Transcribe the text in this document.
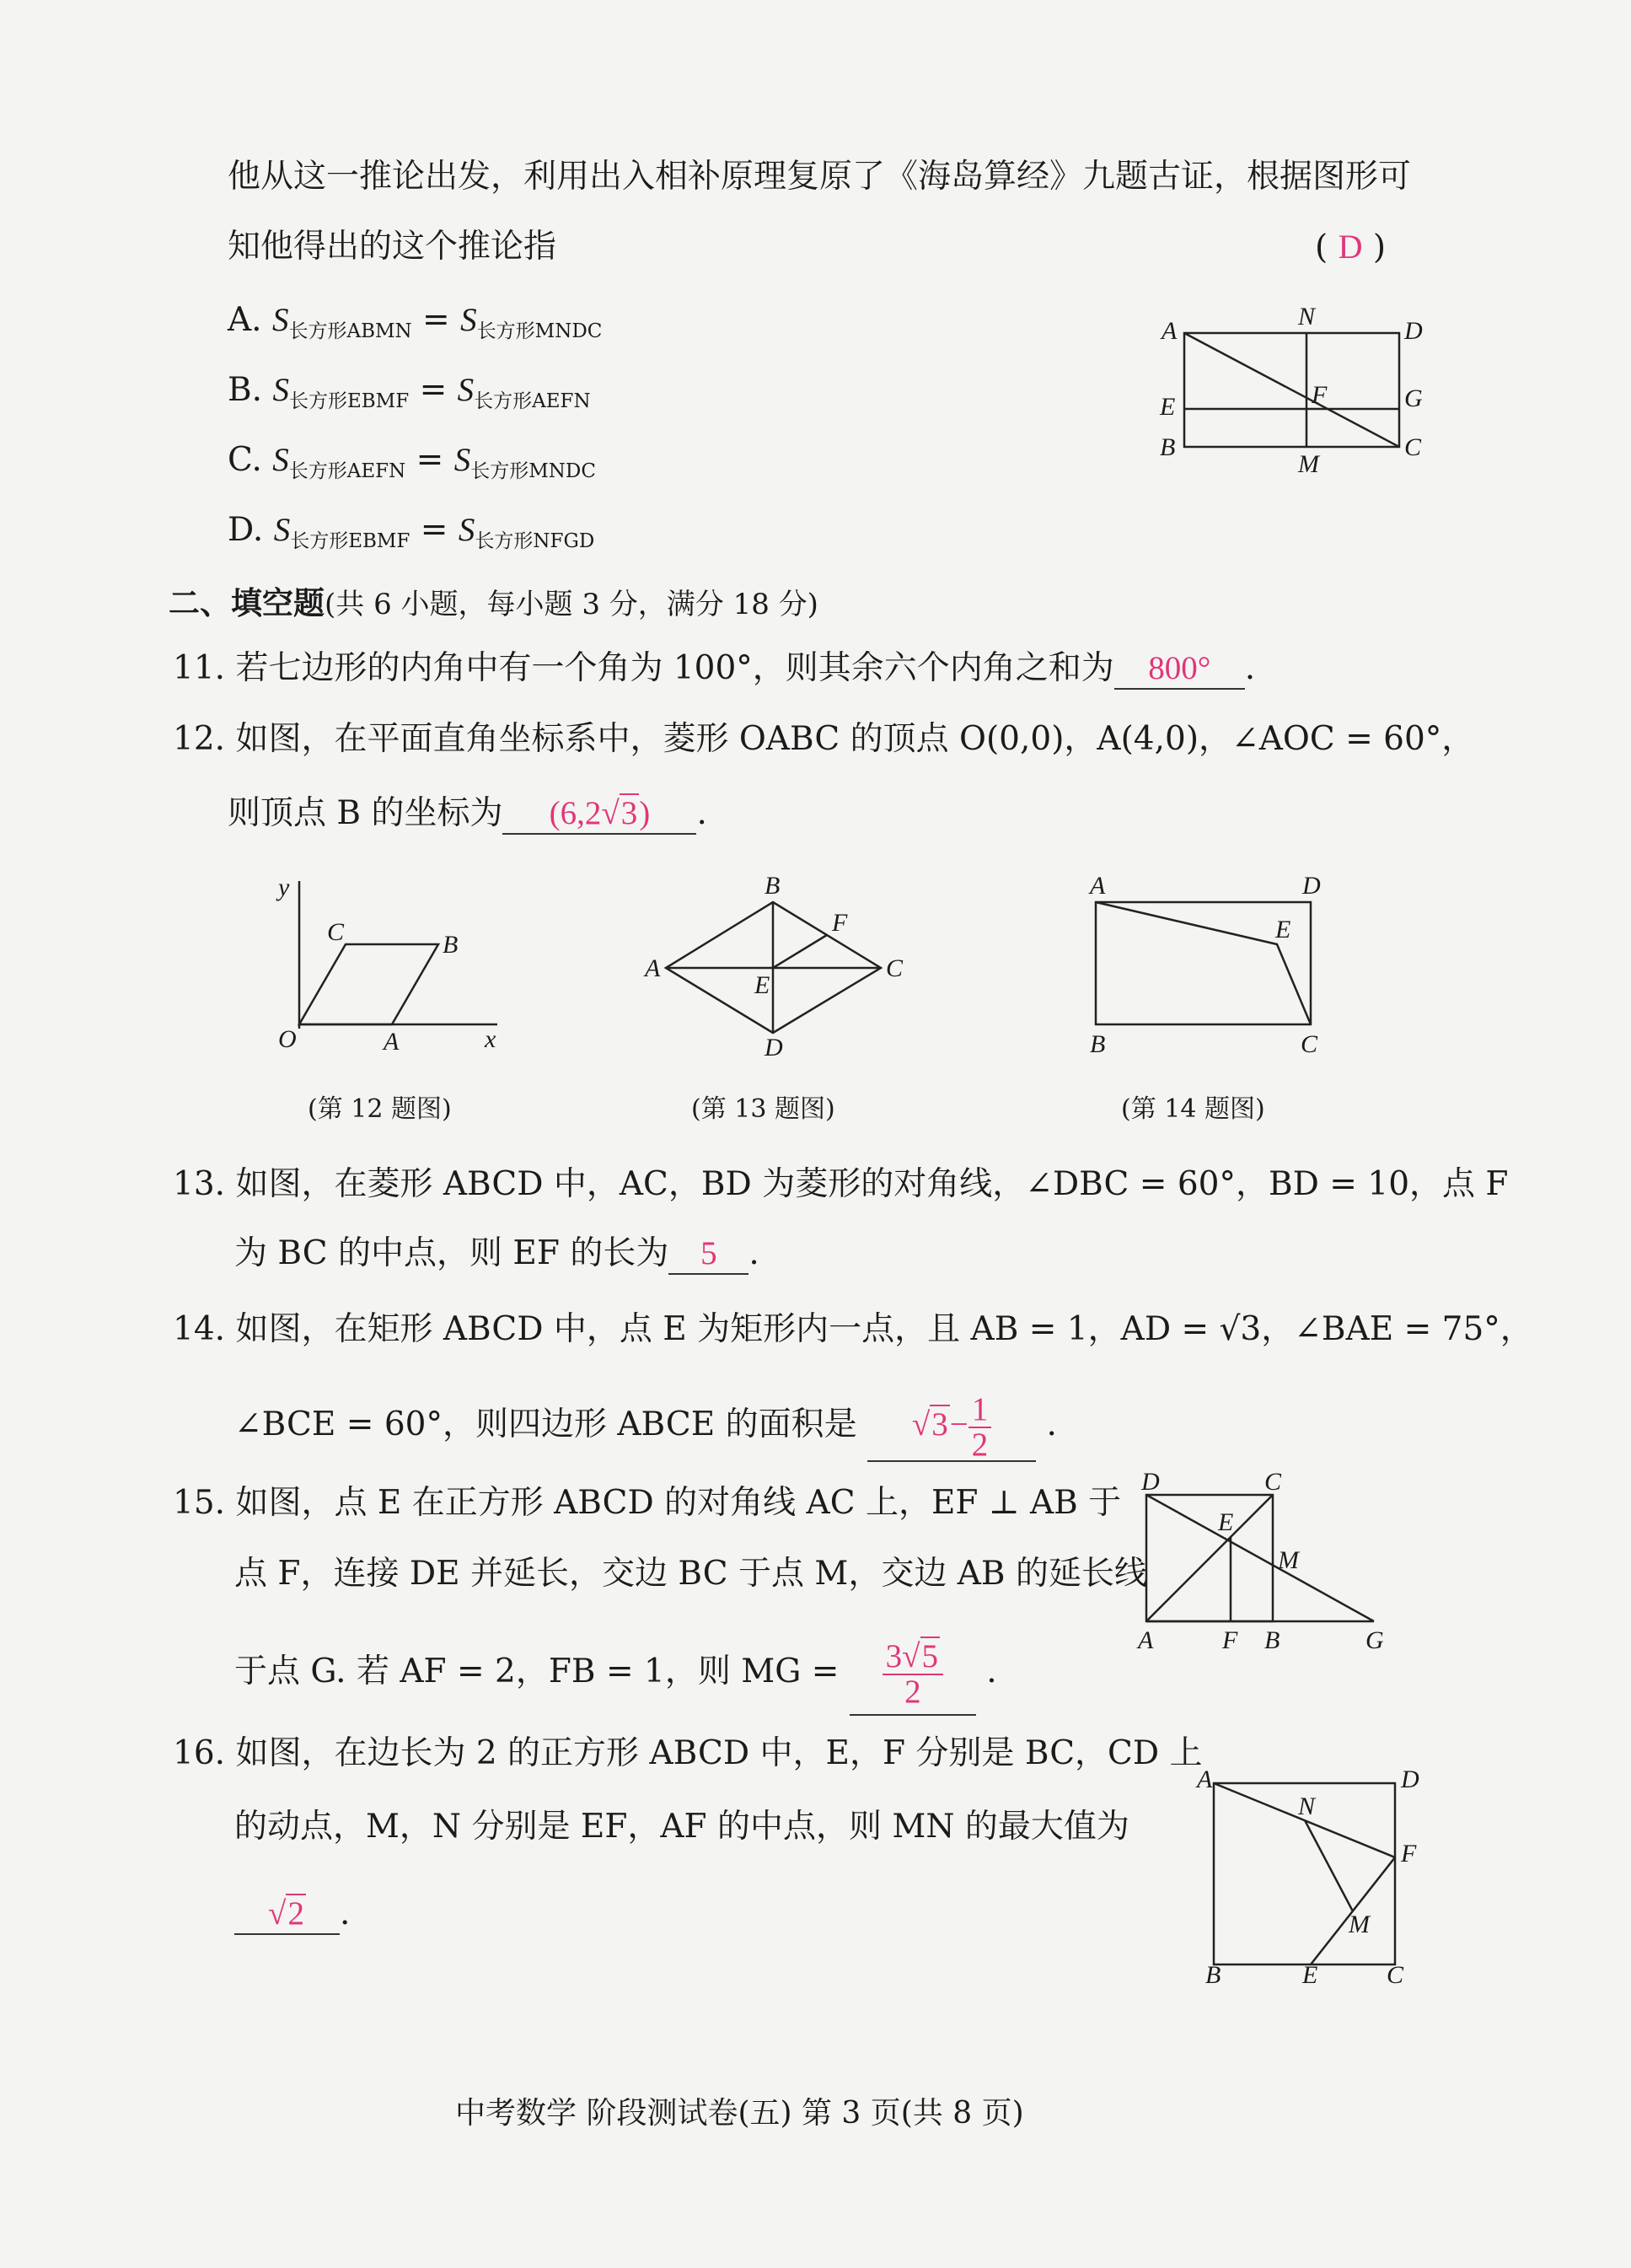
他从这一推论出发，利用出入相补原理复原了《海岛算经》九题古证，根据图形可
知他得出的这个推论指	( D )
A. $S_{长方形ABMN} = S_{长方形MNDC}$
B. $S_{长方形EBMF} = S_{长方形AEFN}$
C. $S_{长方形AEFN} = S_{长方形MNDC}$
D. $S_{长方形EBMF} = S_{长方形NFGD}$
A
N
D
E	F	G
B
M
C
二、填空题(共 6 小题，每小题 3 分，满分 18 分)
11. 若七边形的内角中有一个角为 100°，则其余六个内角之和为 800° .
12. 如图，在平面直角坐标系中，菱形 OABC 的顶点 O(0,0)，A(4,0)，∠AOC = 60°，
则顶点 B 的坐标为 (6,2√3) .
y
C	B
O	A	x
B
F
A
E
C
D
A	D
E
B	C
(第 12 题图)	(第 13 题图)	(第 14 题图)
13. 如图，在菱形 ABCD 中，AC，BD 为菱形的对角线，∠DBC = 60°，BD = 10，点 F
为 BC 的中点，则 EF 的长为 5 .
14. 如图，在矩形 ABCD 中，点 E 为矩形内一点，且 AB = 1，AD = √3，∠BAE = 75°，
∠BCE = 60°，则四边形 ABCE 的面积是 $√3- \frac{1}{2}$ .
15. 如图，点 E 在正方形 ABCD 的对角线 AC 上，EF ⊥ AB 于
点 F，连接 DE 并延长，交边 BC 于点 M，交边 AB 的延长线
于点 G. 若 AF = 2，FB = 1，则 MG = $\frac{3√5}{2}$ .
D	C
E
M
A	F B	G
16. 如图，在边长为 2 的正方形 ABCD 中，E，F 分别是 BC，CD 上
的动点，M，N 分别是 EF，AF 的中点，则 MN 的最大值为
√2 .
A	D
N
F
M
B	E	C
中考数学 阶段测试卷(五) 第 3 页(共 8 页)
